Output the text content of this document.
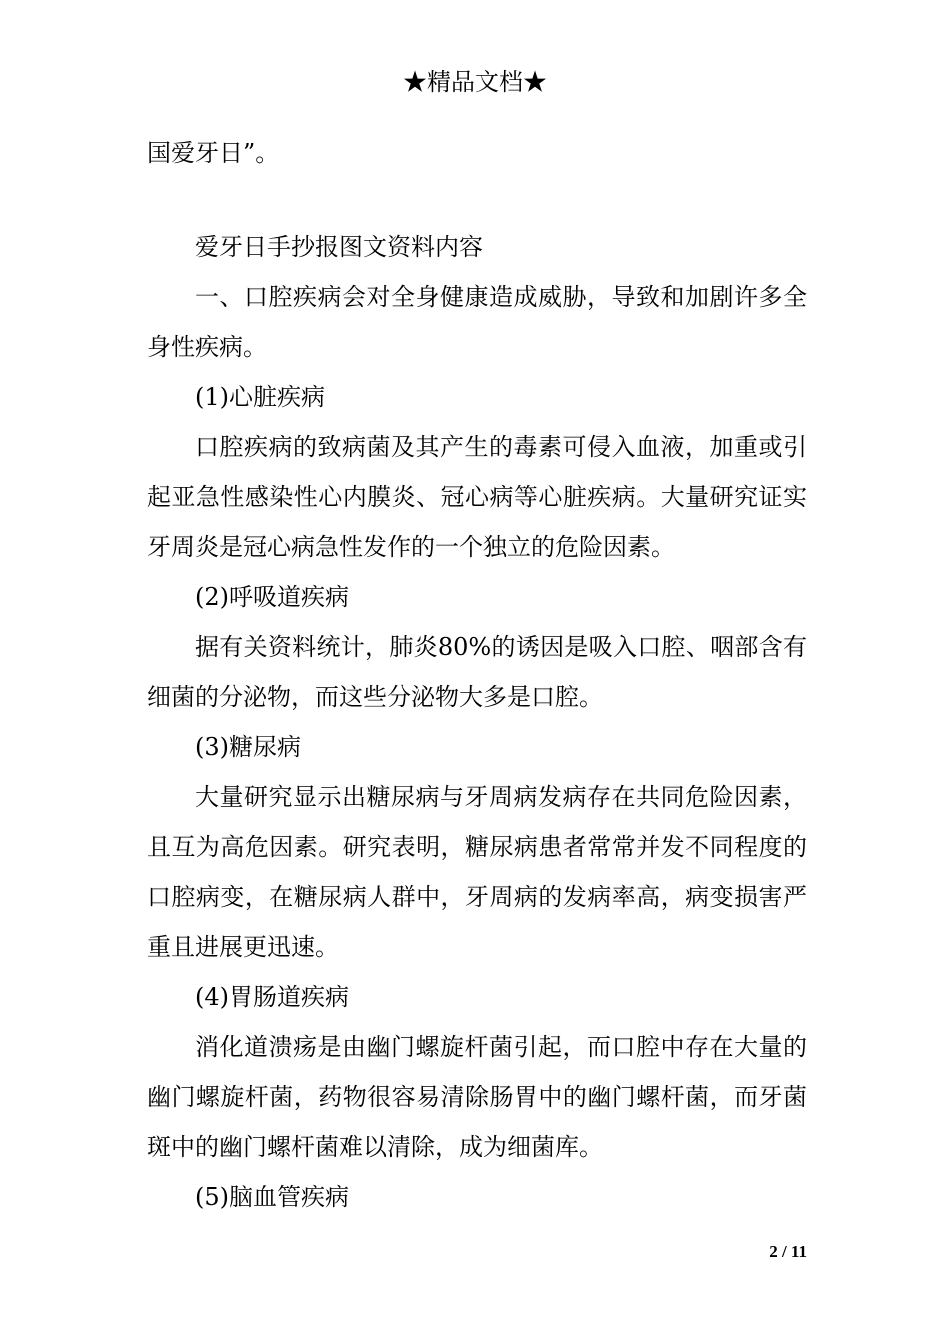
★精品文档★

国爱牙日”。

爱牙日手抄报图文资料内容

一、口腔疾病会对全身健康造成威胁，导致和加剧许多全身性疾病。

(1)心脏疾病

口腔疾病的致病菌及其产生的毒素可侵入血液，加重或引起亚急性感染性心内膜炎、冠心病等心脏疾病。大量研究证实牙周炎是冠心病急性发作的一个独立的危险因素。

(2)呼吸道疾病

据有关资料统计，肺炎80%的诱因是吸入口腔、咽部含有细菌的分泌物，而这些分泌物大多是口腔。

(3)糖尿病

大量研究显示出糖尿病与牙周病发病存在共同危险因素，且互为高危因素。研究表明，糖尿病患者常常并发不同程度的口腔病变，在糖尿病人群中，牙周病的发病率高，病变损害严重且进展更迅速。

(4)胃肠道疾病

消化道溃疡是由幽门螺旋杆菌引起，而口腔中存在大量的幽门螺旋杆菌，药物很容易清除肠胃中的幽门螺杆菌，而牙菌斑中的幽门螺杆菌难以清除，成为细菌库。

(5)脑血管疾病

2 / 11
